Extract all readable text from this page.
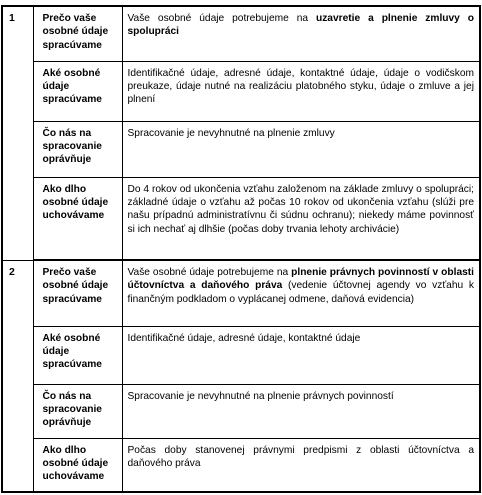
1	Prečo vaše osobné údaje spracúvame	Vaše osobné údaje potrebujeme na uzavretie a plnenie zmluvy o spolupráci
	Aké osobné údaje spracúvame	Identifikačné údaje, adresné údaje, kontaktné údaje, údaje o vodičskom preukaze, údaje nutné na realizáciu platobného styku, údaje o zmluve a jej plnení
	Čo nás na spracovanie oprávňuje	Spracovanie je nevyhnutné na plnenie zmluvy
	Ako dlho osobné údaje uchovávame	Do 4 rokov od ukončenia vzťahu založenom na základe zmluvy o spolupráci; základné údaje o vzťahu až počas 10 rokov od ukončenia vzťahu (slúži pre našu prípadnú administratívnu či súdnu ochranu); niekedy máme povinnosť si ich nechať aj dlhšie (počas doby trvania lehoty archivácie)
2	Prečo vaše osobné údaje spracúvame	Vaše osobné údaje potrebujeme na plnenie právnych povinností v oblasti účtovníctva a daňového práva (vedenie účtovnej agendy vo vzťahu k finančným podkladom o vyplácanej odmene, daňová evidencia)
	Aké osobné údaje spracúvame	Identifikačné údaje, adresné údaje, kontaktné údaje
	Čo nás na spracovanie oprávňuje	Spracovanie je nevyhnutné na plnenie právnych povinností
	Ako dlho osobné údaje uchovávame	Počas doby stanovenej právnymi predpismi z oblasti účtovníctva a daňového práva
